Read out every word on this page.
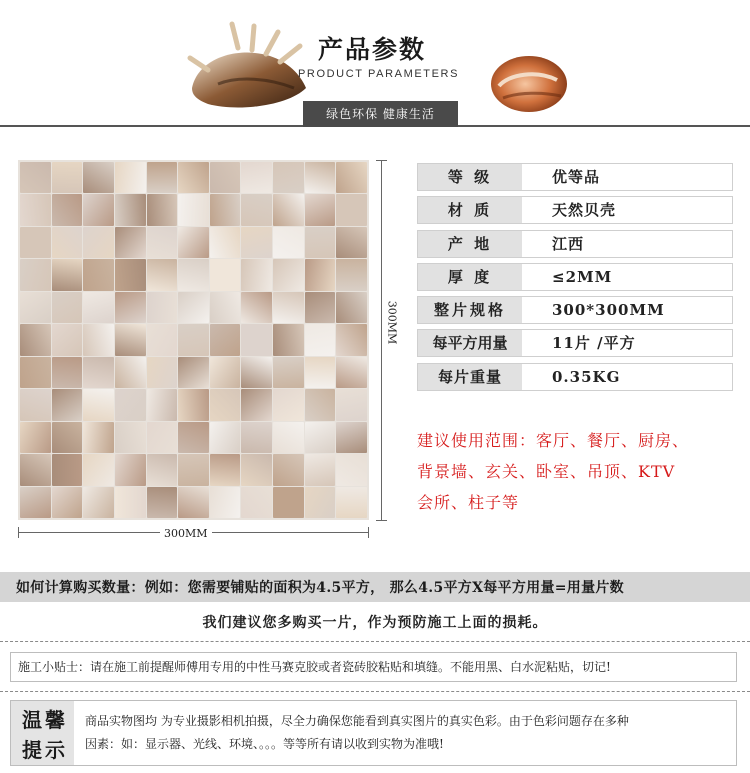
产品参数
PRODUCT PARAMETERS
绿色环保 健康生活
300MM
300MM
等 级	优等品
材 质	天然贝壳
产 地	江西
厚 度	≤2MM
整片规格	300*300MM
每平方用量	11片 /平方
每片重量	0.35KG
建议使用范围：客厅、餐厅、厨房、
背景墙、玄关、卧室、吊顶、KTV
会所、柱子等
如何计算购买数量：例如：您需要铺贴的面积为4.5平方， 那么4.5平方X每平方用量=用量片数
我们建议您多购买一片，作为预防施工上面的损耗。
施工小贴士：请在施工前提醒师傅用专用的中性马赛克胶或者瓷砖胶粘贴和填缝。不能用黑、白水泥粘贴，切记!
温馨
提示
商品实物图均 为专业摄影相机拍摄，尽全力确保您能看到真实图片的真实色彩。由于色彩问题存在多种
因素：如：显示器、光线、环境、。。。等等所有请以收到实物为准哦!
